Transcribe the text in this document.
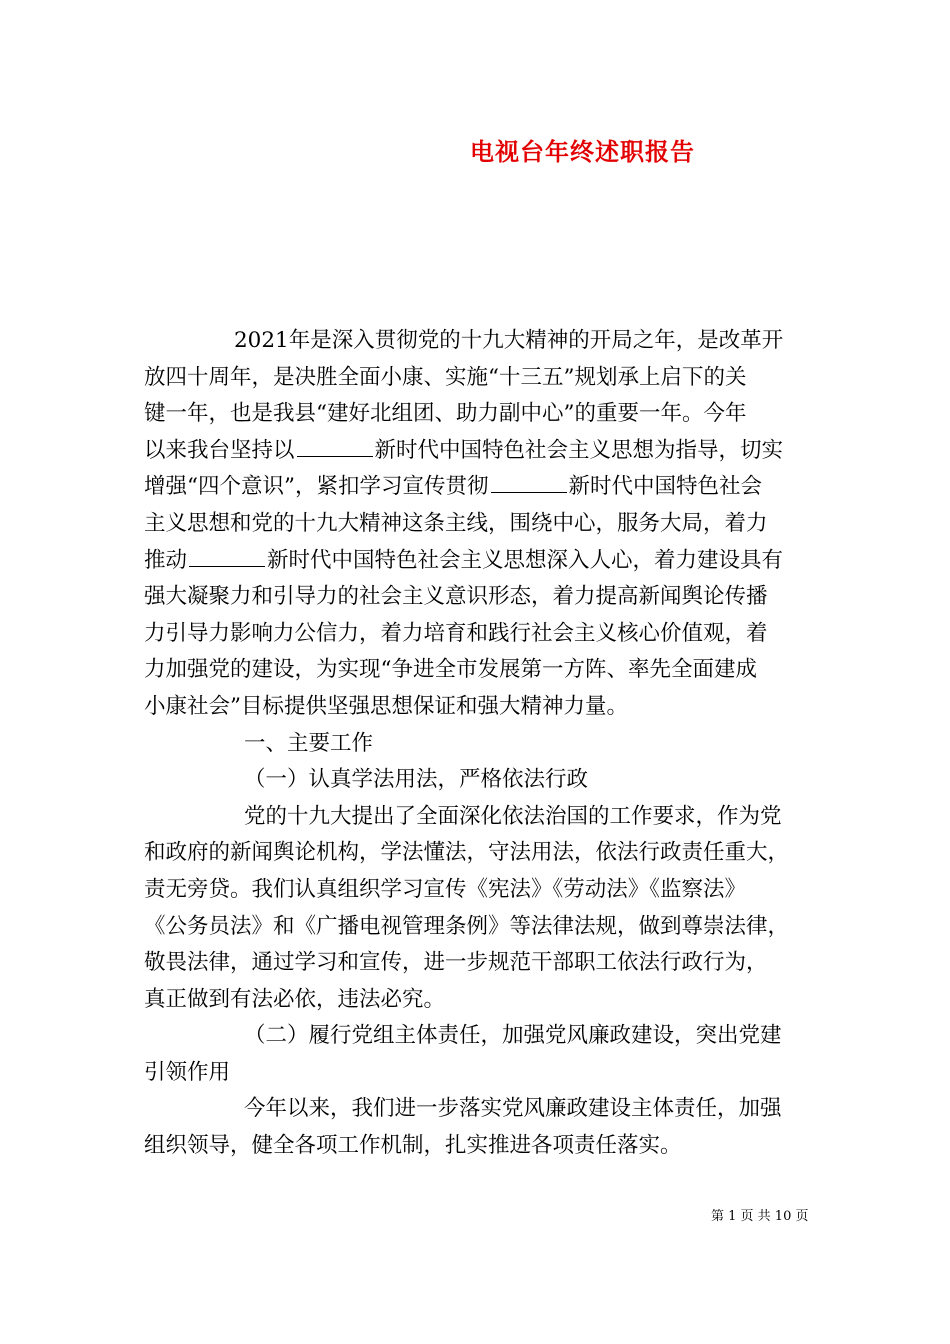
电视台年终述职报告
2021年是深入贯彻党的十九大精神的开局之年，是改革开
放四十周年，是决胜全面小康、实施“十三五”规划承上启下的关
键一年，也是我县“建好北组团、助力副中心”的重要一年。今年
以来我台坚持以	新时代中国特色社会主义思想为指导，切实
增强“四个意识”，紧扣学习宣传贯彻	新时代中国特色社会
主义思想和党的十九大精神这条主线，围绕中心，服务大局，着力
推动	新时代中国特色社会主义思想深入人心，着力建设具有
强大凝聚力和引导力的社会主义意识形态，着力提高新闻舆论传播
力引导力影响力公信力，着力培育和践行社会主义核心价值观，着
力加强党的建设，为实现“争进全市发展第一方阵、率先全面建成
小康社会”目标提供坚强思想保证和强大精神力量。
一、主要工作
（一）认真学法用法，严格依法行政
党的十九大提出了全面深化依法治国的工作要求，作为党
和政府的新闻舆论机构，学法懂法，守法用法，依法行政责任重大，
责无旁贷。我们认真组织学习宣传《宪法》《劳动法》《监察法》
《公务员法》和《广播电视管理条例》等法律法规，做到尊崇法律，
敬畏法律，通过学习和宣传，进一步规范干部职工依法行政行为，
真正做到有法必依，违法必究。
（二）履行党组主体责任，加强党风廉政建设，突出党建
引领作用
今年以来，我们进一步落实党风廉政建设主体责任，加强
组织领导，健全各项工作机制，扎实推进各项责任落实。
第 1 页 共 10 页
